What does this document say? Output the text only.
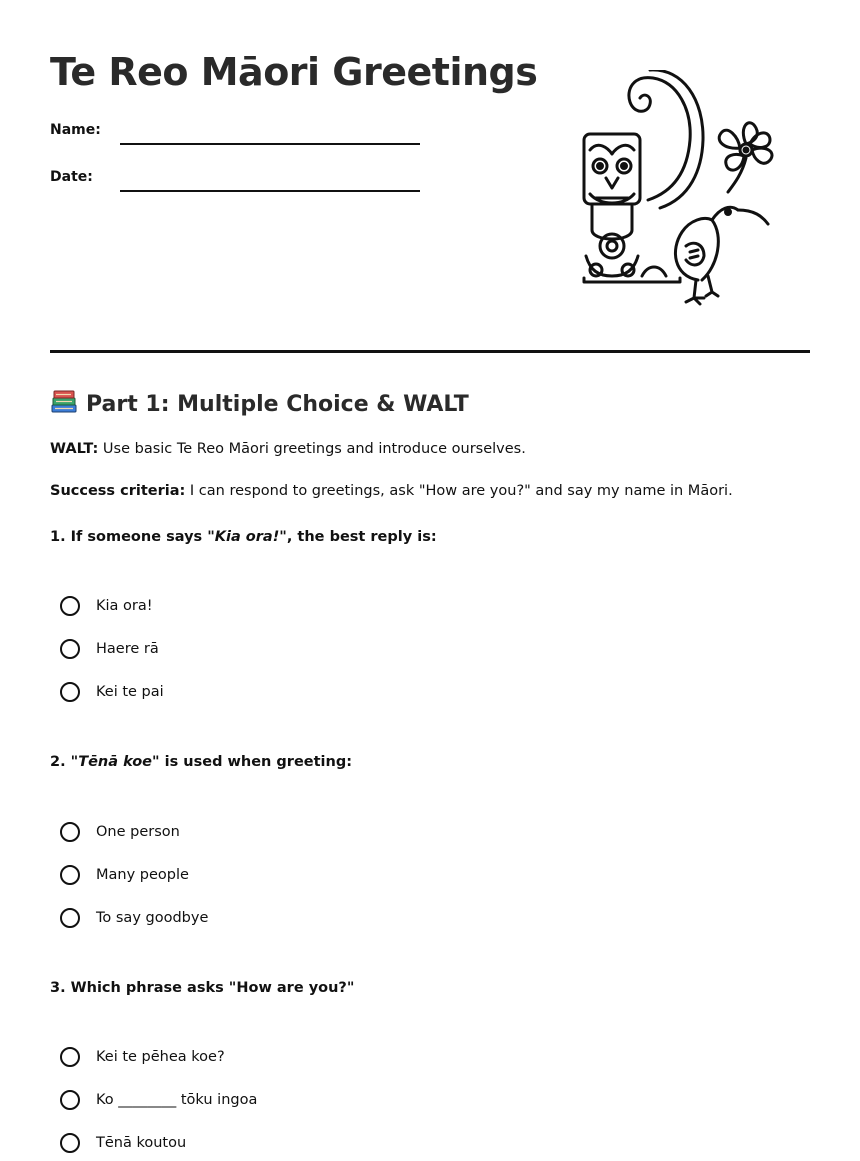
Te Reo Māori Greetings
Name:
Date:
Part 1: Multiple Choice & WALT
WALT: Use basic Te Reo Māori greetings and introduce ourselves.
Success criteria: I can respond to greetings, ask "How are you?" and say my name in Māori.
1. If someone says "Kia ora!", the best reply is:
Kia ora!
Haere rā
Kei te pai
2. "Tēnā koe" is used when greeting:
One person
Many people
To say goodbye
3. Which phrase asks "How are you?"
Kei te pēhea koe?
Ko ________ tōku ingoa
Tēnā koutou
